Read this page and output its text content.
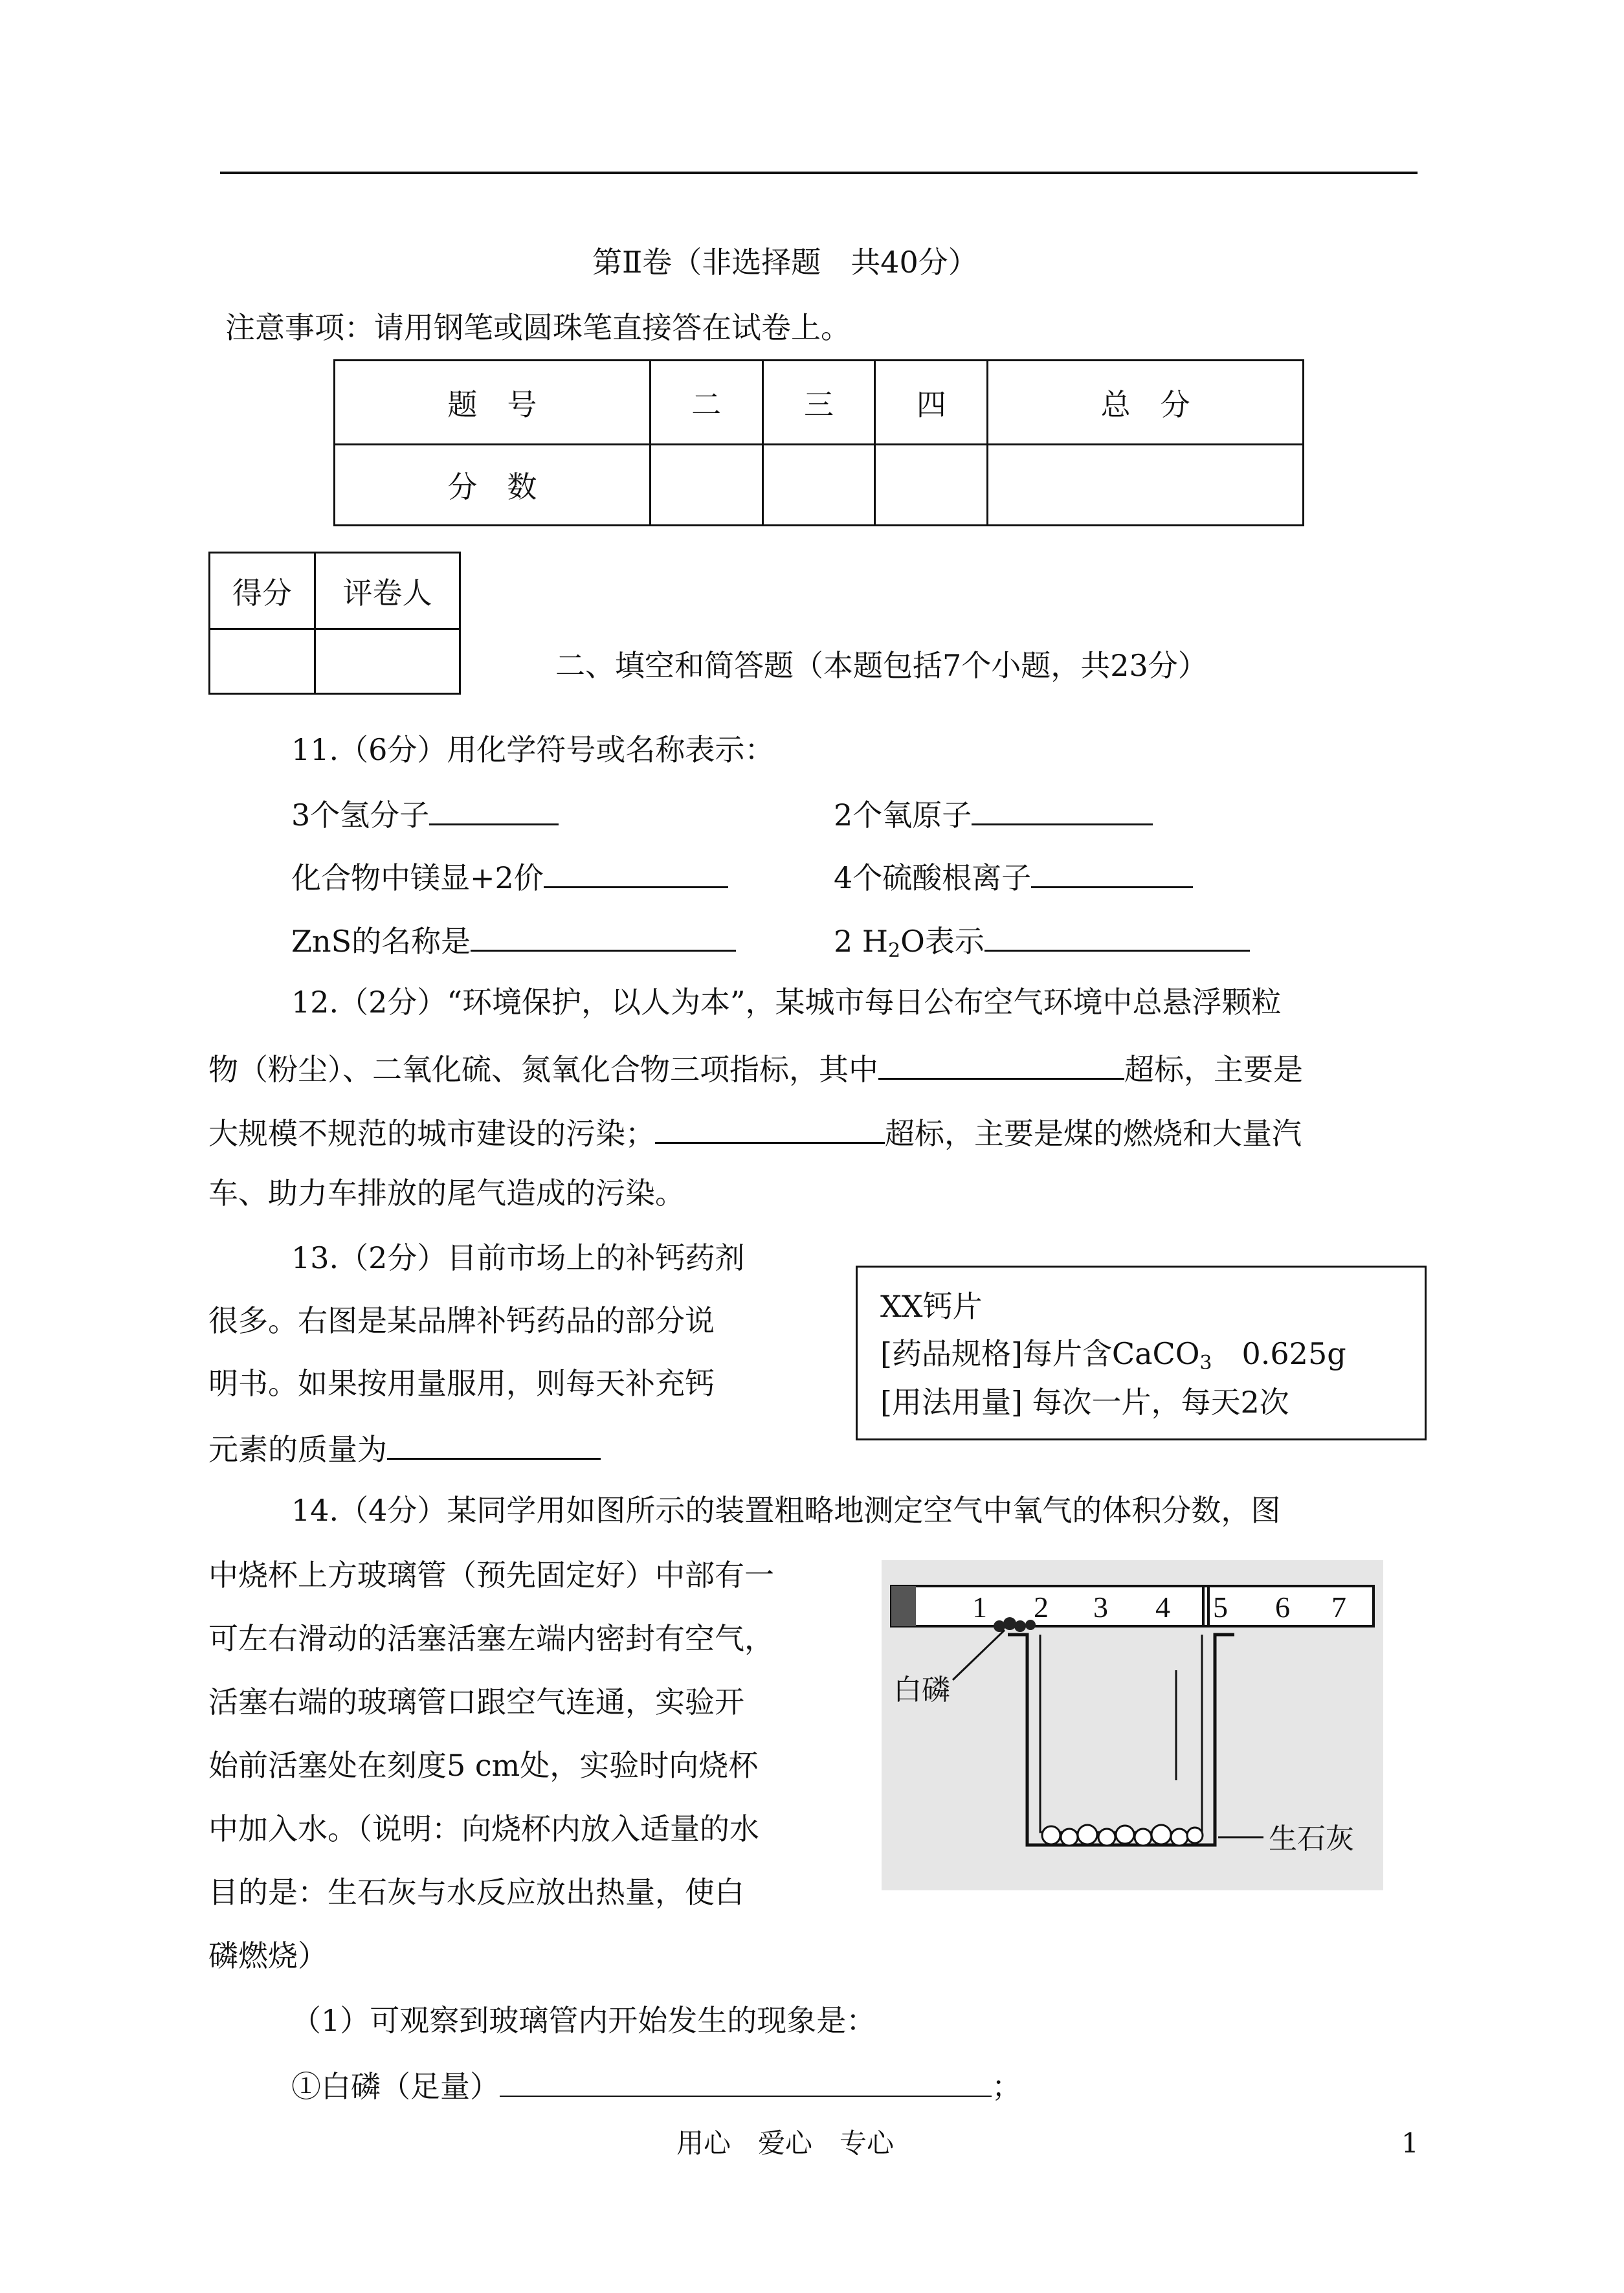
第Ⅱ卷（非选择题　共40分）
注意事项：请用钢笔或圆珠笔直接答在试卷上。
题　号	二	三	四	总　分
分　数				
得分	评卷人

二、填空和简答题（本题包括7个小题，共23分）
11.（6分）用化学符号或名称表示：
3个氢分子	2个氧原子
化合物中镁显+2价	4个硫酸根离子
ZnS的名称是	2 $H_2O$表示
12.（2分）“环境保护，以人为本”，某城市每日公布空气环境中总悬浮颗粒
物（粉尘）、二氧化硫、氮氧化合物三项指标，其中	超标，主要是
大规模不规范的城市建设的污染；	超标，主要是煤的燃烧和大量汽
车、助力车排放的尾气造成的污染。
13.（2分）目前市场上的补钙药剂
很多。右图是某品牌补钙药品的部分说
明书。如果按用量服用，则每天补充钙
元素的质量为
XX钙片
[药品规格]每片含CaCO$_3$　0.625g
[用法用量] 每次一片，每天2次
14.（4分）某同学用如图所示的装置粗略地测定空气中氧气的体积分数，图
中烧杯上方玻璃管（预先固定好）中部有一
可左右滑动的活塞活塞左端内密封有空气，
活塞右端的玻璃管口跟空气连通，实验开
始前活塞处在刻度5 cm处，实验时向烧杯
中加入水。（说明：向烧杯内放入适量的水
目的是：生石灰与水反应放出热量，使白
磷燃烧）
1 2 3 4 5 6 7
白磷
生石灰
（1）可观察到玻璃管内开始发生的现象是：
①白磷（足量）	；
用心　爱心　专心	1
